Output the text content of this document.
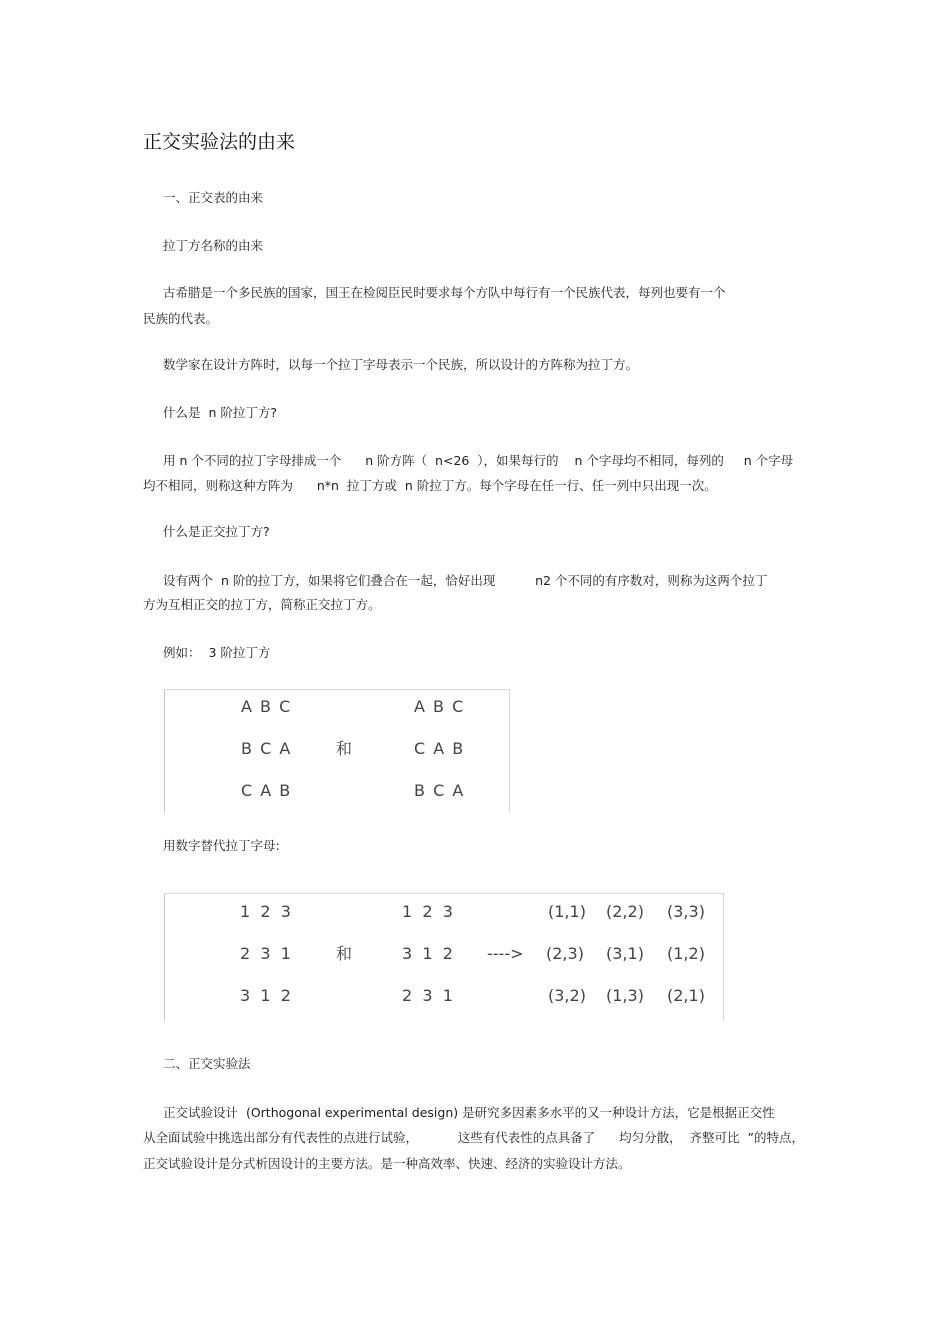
正交实验法的由来
一、正交表的由来
拉丁方名称的由来
古希腊是一个多民族的国家，国王在检阅臣民时要求每个方队中每行有一个民族代表，每列也要有一个
民族的代表。
数学家在设计方阵时，以每一个拉丁字母表示一个民族，所以设计的方阵称为拉丁方。
什么是  n 阶拉丁方?
用 n 个不同的拉丁字母排成一个      n 阶方阵（  n<26  ），如果每行的    n 个字母均不相同，每列的     n 个字母
均不相同，则称这种方阵为      n*n  拉丁方或  n 阶拉丁方。每个字母在任一行、任一列中只出现一次。
什么是正交拉丁方?
设有两个  n 阶的拉丁方，如果将它们叠合在一起，恰好出现          n2 个不同的有序数对，则称为这两个拉丁
方为互相正交的拉丁方，简称正交拉丁方。
例如：  3 阶拉丁方
用数字替代拉丁字母:
二、正交实验法
正交试验设计  (Orthogonal experimental design) 是研究多因素多水平的又一种设计方法，它是根据正交性
从全面试验中挑选出部分有代表性的点进行试验，          这些有代表性的点具备了      均匀分散，  齐整可比  ”的特点，
正交试验设计是分式析因设计的主要方法。是一种高效率、快速、经济的实验设计方法。
A B C
B C A
C A B
和
A B C
C A B
B C A
1  2  3
2  3  1
3  1  2
和
1  2  3
3  1  2
2  3  1
---->
(1,1) (2,2) (3,3)
(2,3) (3,1) (1,2)
(3,2) (1,3) (2,1)
